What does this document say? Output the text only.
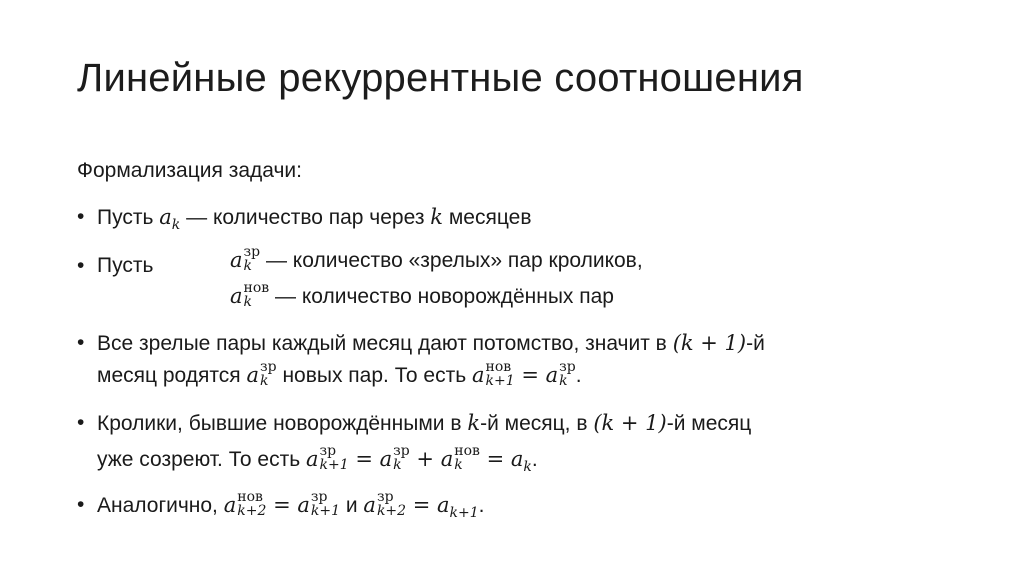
Линейные рекуррентные соотношения
Формализация задачи:
• Пусть $a_k$ — количество пар через k месяцев
• Пусть	a зр
k — количество «зрелых» пар кроликов,
a нов
k — количество новорождённых пар
• Все зрелые пары каждый месяц дают потомство, значит в (k + 1)-й
месяц родятся a зр
k новых пар. То есть a нов
k+1 = a зр
k .
• Кролики, бывшие новорождёнными в k-й месяц, в (k + 1)-й месяц
уже созреют. То есть a зр
k+1 = a зр
k + a нов
$k = a_k$.
• Аналогично, a нов
k+2 = a зр
k+1 и a зр
$k+2 = a_{k+1}$.
